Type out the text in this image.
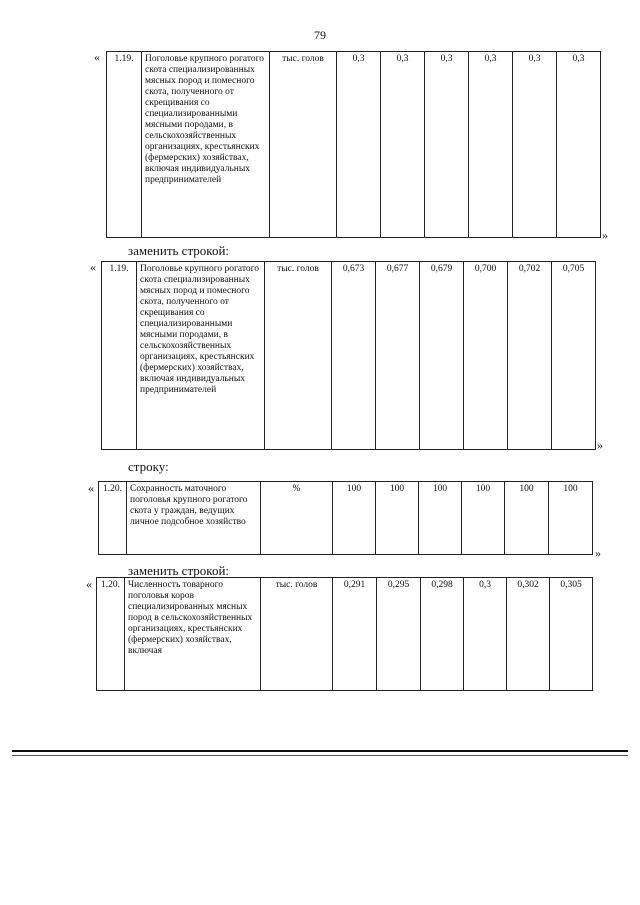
79
« 1.19.	Поголовье крупного рогатого скота специализированных мясных пород и помесного скота, полученного от скрещивания со специализированными мясными породами, в сельскохозяйственных организациях, крестьянских (фермерских) хозяйствах, включая индивидуальных предпринимателей	тыс. голов	0,3	0,3	0,3	0,3	0,3	0,3
»
заменить строкой:
« 1.19.	Поголовье крупного рогатого скота специализированных мясных пород и помесного скота, полученного от скрещивания со специализированными мясными породами, в сельскохозяйственных организациях, крестьянских (фермерских) хозяйствах, включая индивидуальных предпринимателей	тыс. голов	0,673	0,677	0,679	0,700	0,702	0,705
»
строку:
« 1.20.	Сохранность маточного поголовья крупного рогатого скота у граждан, ведущих личное подсобное хозяйство	%	100	100	100	100	100	100
»
заменить строкой:
« 1.20.	Численность товарного поголовья коров специализированных мясных пород в сельскохозяйственных организациях, крестьянских (фермерских) хозяйствах, включая	тыс. голов	0,291	0,295	0,298	0,3	0,302	0,305
